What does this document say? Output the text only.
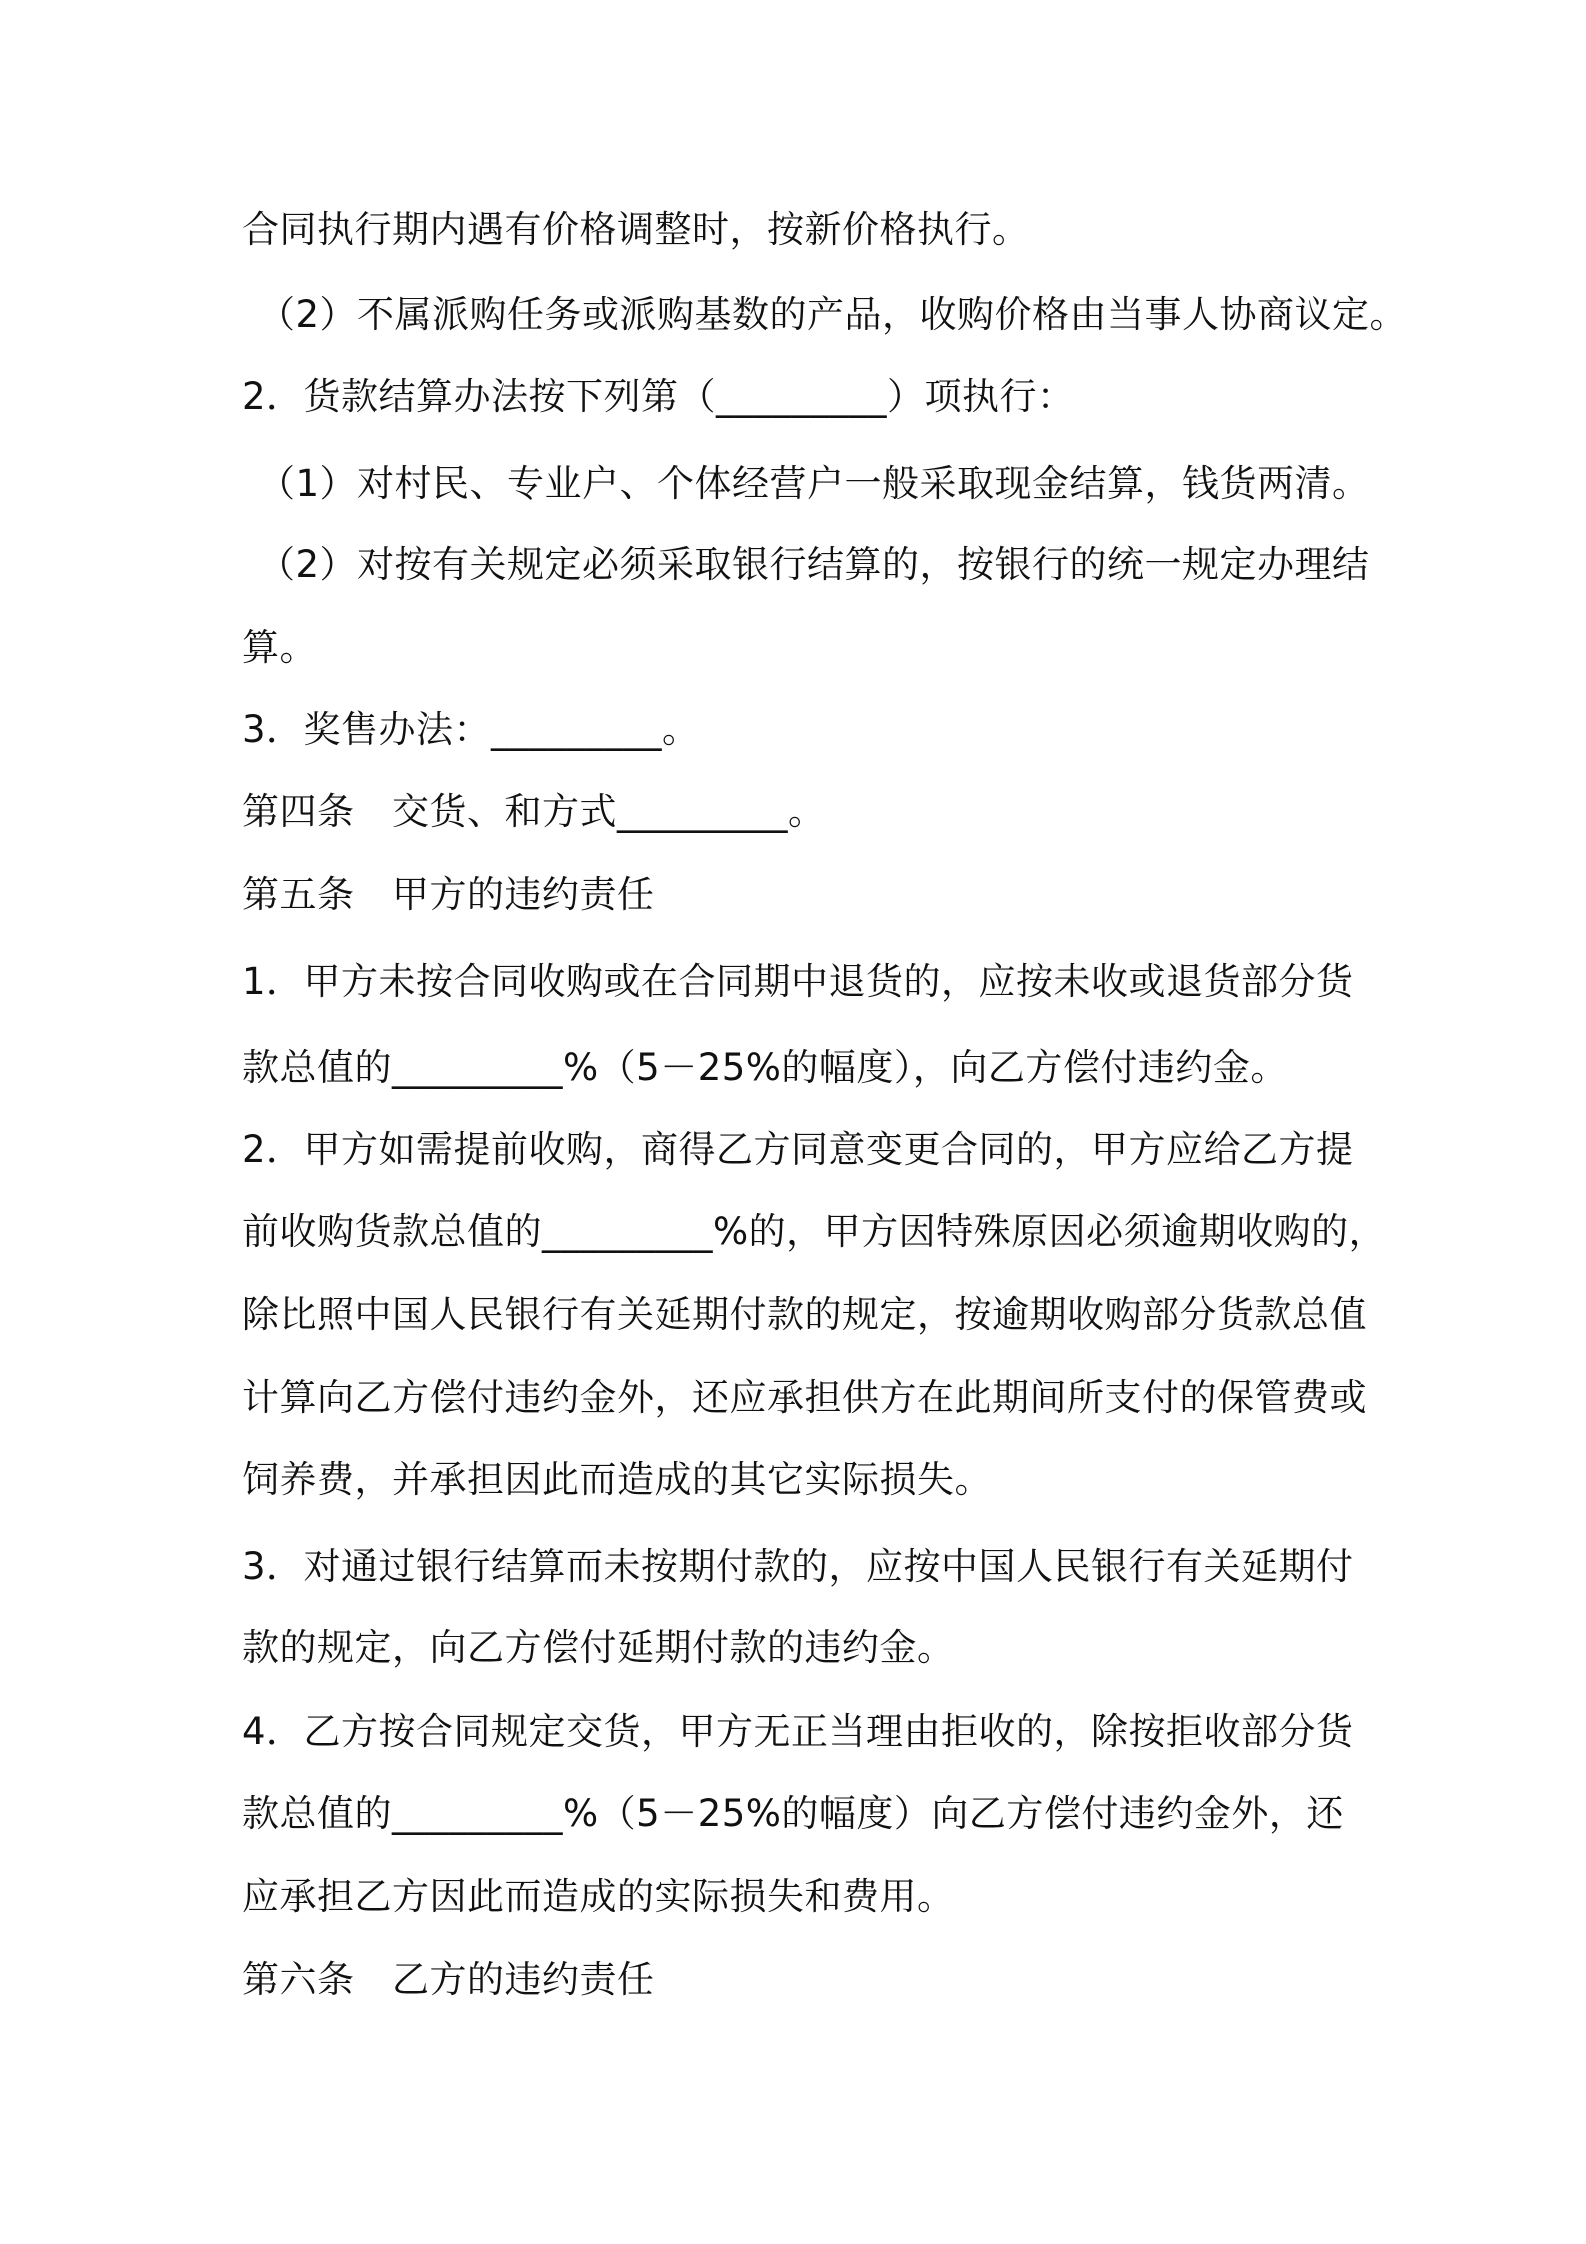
合同执行期内遇有价格调整时，按新价格执行。
（2）不属派购任务或派购基数的产品，收购价格由当事人协商议定。
2．货款结算办法按下列第（_________）项执行：
（1）对村民、专业户、个体经营户一般采取现金结算，钱货两清。
（2）对按有关规定必须采取银行结算的，按银行的统一规定办理结
算。
3．奖售办法：_________。
第四条　交货、和方式_________。
第五条　甲方的违约责任
1．甲方未按合同收购或在合同期中退货的，应按未收或退货部分货
款总值的_________%（5－25%的幅度），向乙方偿付违约金。
2．甲方如需提前收购，商得乙方同意变更合同的，甲方应给乙方提
前收购货款总值的_________%的，甲方因特殊原因必须逾期收购的，
除比照中国人民银行有关延期付款的规定，按逾期收购部分货款总值
计算向乙方偿付违约金外，还应承担供方在此期间所支付的保管费或
饲养费，并承担因此而造成的其它实际损失。
3．对通过银行结算而未按期付款的，应按中国人民银行有关延期付
款的规定，向乙方偿付延期付款的违约金。
4．乙方按合同规定交货，甲方无正当理由拒收的，除按拒收部分货
款总值的_________%（5－25%的幅度）向乙方偿付违约金外，还
应承担乙方因此而造成的实际损失和费用。
第六条　乙方的违约责任
